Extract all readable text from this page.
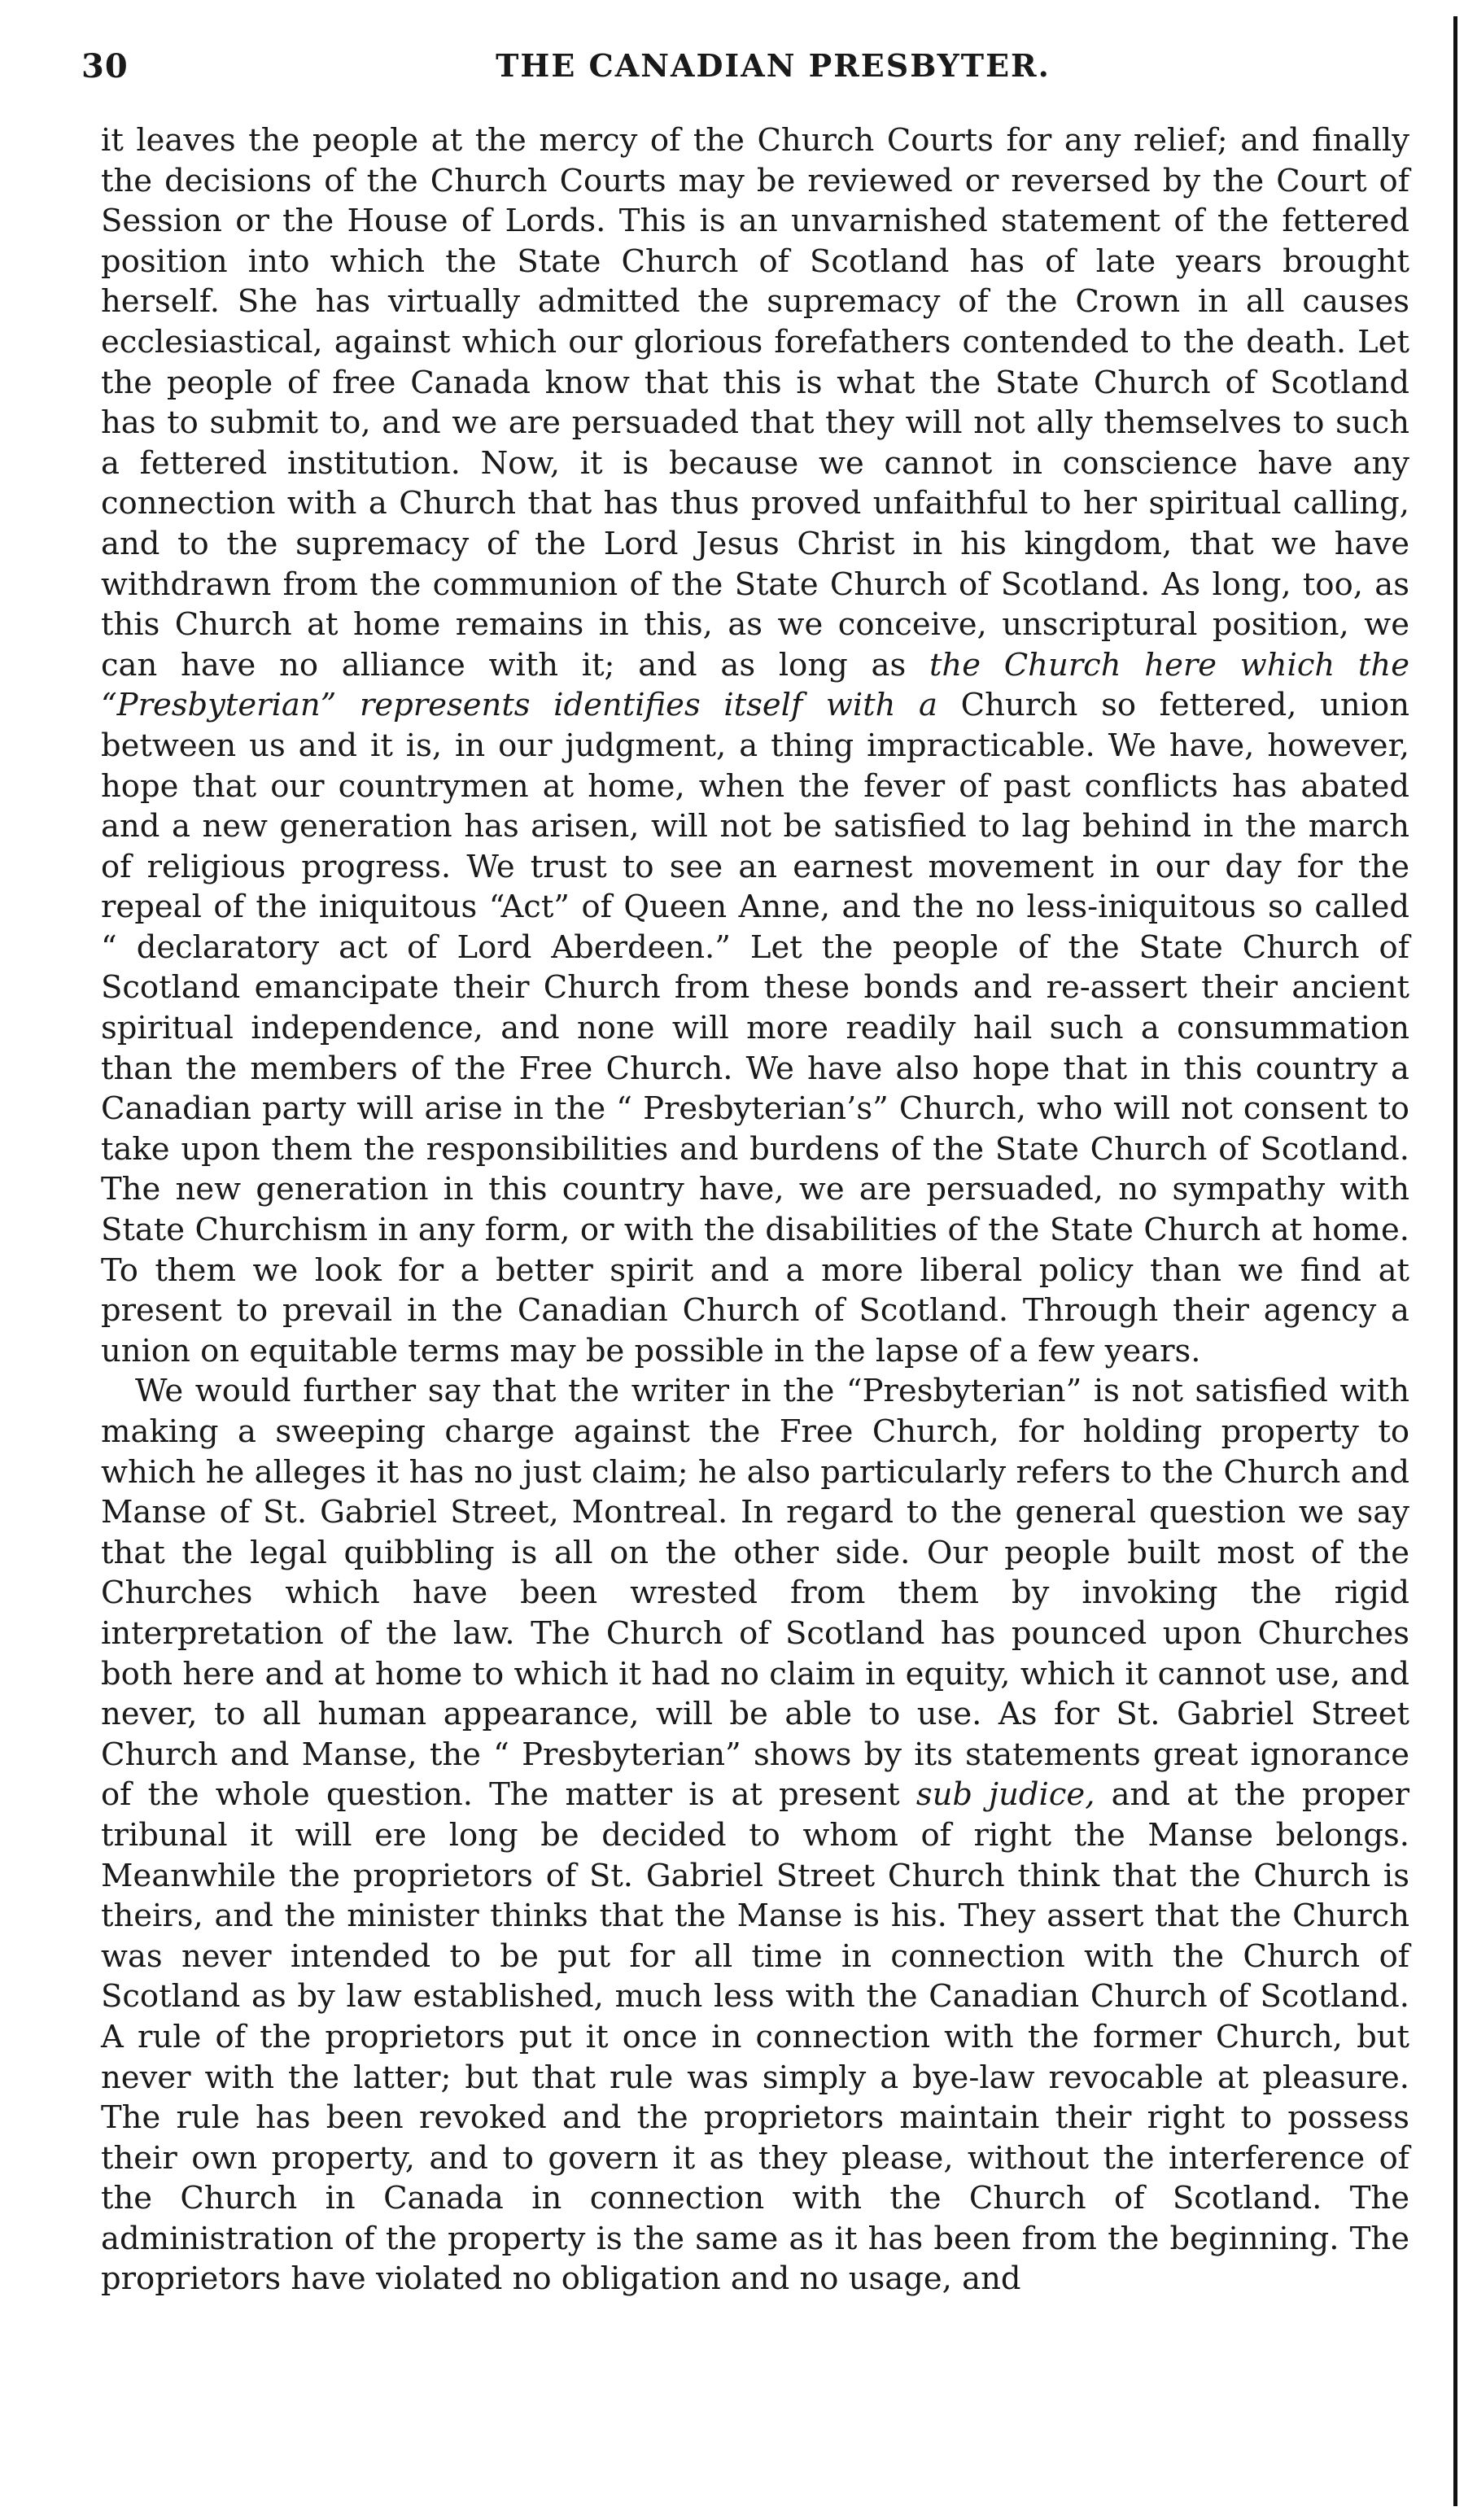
30	THE CANADIAN PRESBYTER.

it leaves the people at the mercy of the Church Courts for any relief; and finally the decisions of the Church Courts may be reviewed or reversed by the Court of Session or the House of Lords. This is an unvarnished statement of the fettered position into which the State Church of Scotland has of late years brought herself. She has virtually admitted the supremacy of the Crown in all causes ecclesiastical, against which our glorious forefathers contended to the death. Let the people of free Canada know that this is what the State Church of Scotland has to submit to, and we are persuaded that they will not ally themselves to such a fettered institution. Now, it is because we cannot in conscience have any connection with a Church that has thus proved unfaithful to her spiritual calling, and to the supremacy of the Lord Jesus Christ in his kingdom, that we have withdrawn from the communion of the State Church of Scotland. As long, too, as this Church at home remains in this, as we conceive, unscriptural position, we can have no alliance with it; and as long as the Church here which the “Presbyterian” represents identifies itself with a Church so fettered, union between us and it is, in our judgment, a thing impracticable. We have, however, hope that our countrymen at home, when the fever of past conflicts has abated and a new generation has arisen, will not be satisfied to lag behind in the march of religious progress. We trust to see an earnest movement in our day for the repeal of the iniquitous “Act” of Queen Anne, and the no less-iniquitous so called “ declaratory act of Lord Aberdeen.” Let the people of the State Church of Scotland emancipate their Church from these bonds and re-assert their ancient spiritual independence, and none will more readily hail such a consummation than the members of the Free Church. We have also hope that in this country a Canadian party will arise in the “ Presbyterian’s” Church, who will not consent to take upon them the responsibilities and burdens of the State Church of Scotland. The new generation in this country have, we are persuaded, no sympathy with State Churchism in any form, or with the disabilities of the State Church at home. To them we look for a better spirit and a more liberal policy than we find at present to prevail in the Canadian Church of Scotland. Through their agency a union on equitable terms may be possible in the lapse of a few years.

We would further say that the writer in the “Presbyterian” is not satisfied with making a sweeping charge against the Free Church, for holding property to which he alleges it has no just claim; he also particularly refers to the Church and Manse of St. Gabriel Street, Montreal. In regard to the general question we say that the legal quibbling is all on the other side. Our people built most of the Churches which have been wrested from them by invoking the rigid interpretation of the law. The Church of Scotland has pounced upon Churches both here and at home to which it had no claim in equity, which it cannot use, and never, to all human appearance, will be able to use. As for St. Gabriel Street Church and Manse, the “ Presbyterian” shows by its statements great ignorance of the whole question. The matter is at present sub judice, and at the proper tribunal it will ere long be decided to whom of right the Manse belongs. Meanwhile the proprietors of St. Gabriel Street Church think that the Church is theirs, and the minister thinks that the Manse is his. They assert that the Church was never intended to be put for all time in connection with the Church of Scotland as by law established, much less with the Canadian Church of Scotland. A rule of the proprietors put it once in connection with the former Church, but never with the latter; but that rule was simply a bye-law revocable at pleasure. The rule has been revoked and the proprietors maintain their right to possess their own property, and to govern it as they please, without the interference of the Church in Canada in connection with the Church of Scotland. The administration of the property is the same as it has been from the beginning. The proprietors have violated no obligation and no usage, and
